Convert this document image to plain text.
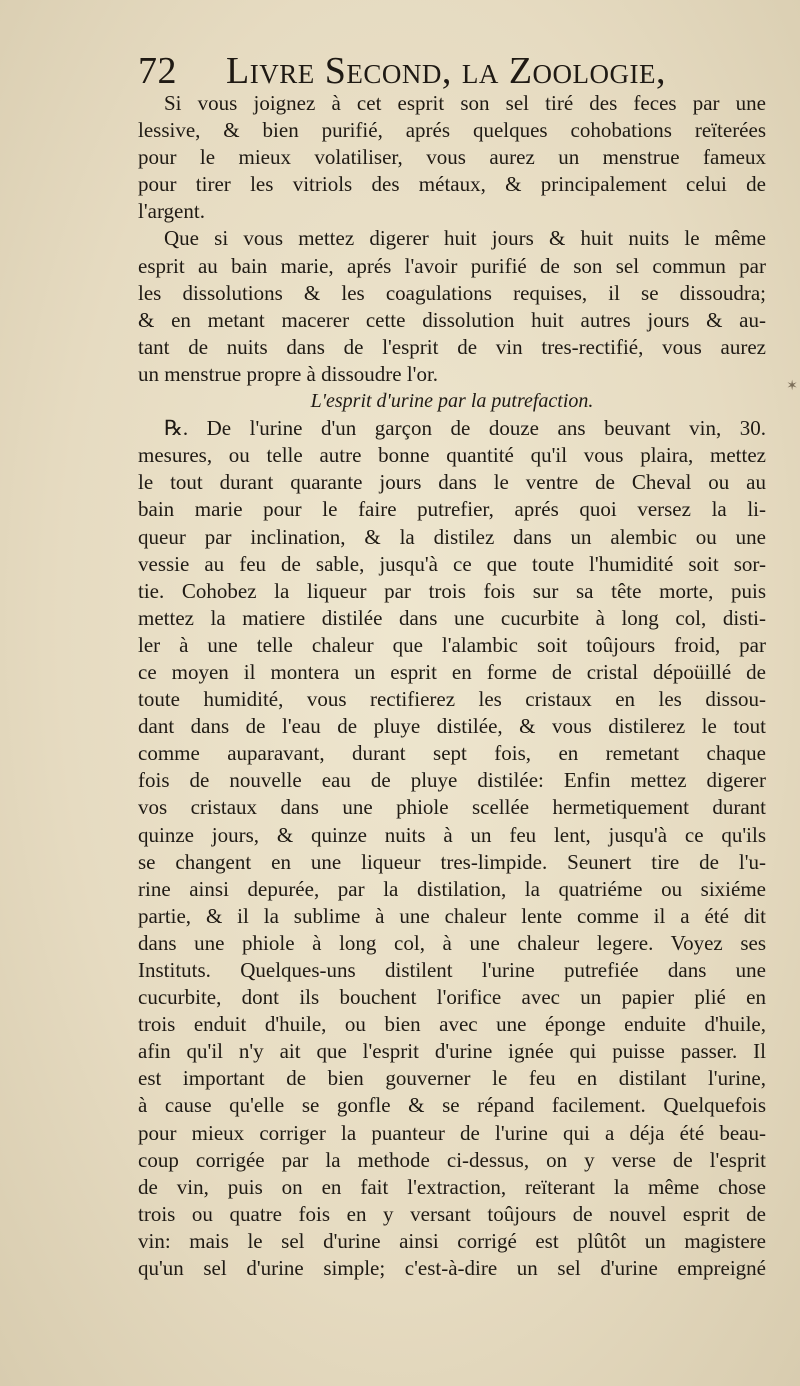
72 Livre Second, la Zoologie,
Si vous joignez à cet esprit son sel tiré des feces par une
lessive, & bien purifié, aprés quelques cohobations reïterées
pour le mieux volatiliser, vous aurez un menstrue fameux
pour tirer les vitriols des métaux, & principalement celui de
l'argent.
Que si vous mettez digerer huit jours & huit nuits le même
esprit au bain marie, aprés l'avoir purifié de son sel commun par
les dissolutions & les coagulations requises, il se dissoudra;
& en metant macerer cette dissolution huit autres jours & au-
tant de nuits dans de l'esprit de vin tres-rectifié, vous aurez
un menstrue propre à dissoudre l'or.
L'esprit d'urine par la putrefaction.
℞. De l'urine d'un garçon de douze ans beuvant vin, 30.
mesures, ou telle autre bonne quantité qu'il vous plaira, mettez
le tout durant quarante jours dans le ventre de Cheval ou au
bain marie pour le faire putrefier, aprés quoi versez la li-
queur par inclination, & la distilez dans un alembic ou une
vessie au feu de sable, jusqu'à ce que toute l'humidité soit sor-
tie. Cohobez la liqueur par trois fois sur sa tête morte, puis
mettez la matiere distilée dans une cucurbite à long col, disti-
ler à une telle chaleur que l'alambic soit toûjours froid, par
ce moyen il montera un esprit en forme de cristal dépoüillé de
toute humidité, vous rectifierez les cristaux en les dissou-
dant dans de l'eau de pluye distilée, & vous distilerez le tout
comme auparavant, durant sept fois, en remetant chaque
fois de nouvelle eau de pluye distilée: Enfin mettez digerer
vos cristaux dans une phiole scellée hermetiquement durant
quinze jours, & quinze nuits à un feu lent, jusqu'à ce qu'ils
se changent en une liqueur tres-limpide. Seunert tire de l'u-
rine ainsi depurée, par la distilation, la quatriéme ou sixiéme
partie, & il la sublime à une chaleur lente comme il a été dit
dans une phiole à long col, à une chaleur legere. Voyez ses
Instituts. Quelques-uns distilent l'urine putrefiée dans une
cucurbite, dont ils bouchent l'orifice avec un papier plié en
trois enduit d'huile, ou bien avec une éponge enduite d'huile,
afin qu'il n'y ait que l'esprit d'urine ignée qui puisse passer. Il
est important de bien gouverner le feu en distilant l'urine,
à cause qu'elle se gonfle & se répand facilement. Quelquefois
pour mieux corriger la puanteur de l'urine qui a déja été beau-
coup corrigée par la methode ci-dessus, on y verse de l'esprit
de vin, puis on en fait l'extraction, reïterant la même chose
trois ou quatre fois en y versant toûjours de nouvel esprit de
vin: mais le sel d'urine ainsi corrigé est plûtôt un magistere
qu'un sel d'urine simple; c'est-à-dire un sel d'urine empreigné
✶
